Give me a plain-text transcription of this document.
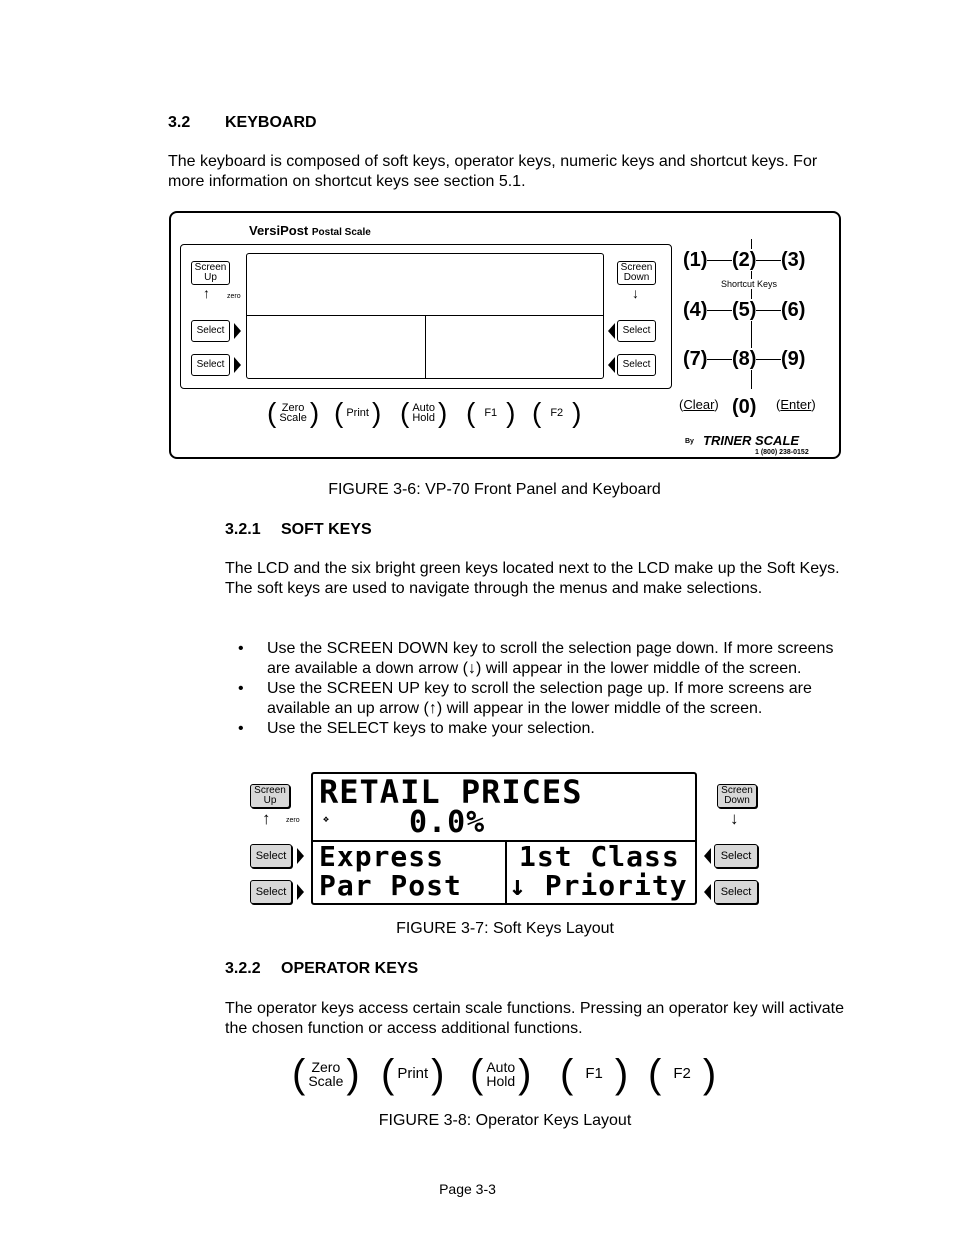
3.2 KEYBOARD
The keyboard is composed of soft keys, operator keys, numeric keys and shortcut keys. For more information on shortcut keys see section 5.1.
VersiPost Postal Scale
Screen
Up
↑ zero
Select
Select
Screen
Down
↓
Select
Select
( Zero
Scale ) ( Print ) ( Auto
Hold ) ( F1 ) ( F2 )
(1) (2) (3)
Shortcut Keys
(4) (5) (6)
(7) (8) (9)
(Clear) (0) (Enter)
By TRINER SCALE
1 (800) 238-0152
FIGURE 3-6: VP-70 Front Panel and Keyboard
3.2.1 SOFT KEYS
The LCD and the six bright green keys located next to the LCD make up the Soft Keys. The soft keys are used to navigate through the menus and make selections.
• Use the SCREEN DOWN key to scroll the selection page down. If more screens are available a down arrow (↓) will appear in the lower middle of the screen.
• Use the SCREEN UP key to scroll the selection page up. If more screens are available an up arrow (↑) will appear in the lower middle of the screen.
• Use the SELECT keys to make your selection.
Screen
Up
↑ zero
Select
Select
RETAIL PRICES
❖	0.0%
Express	1st Class
Par Post ↓ Priority
Screen
Down
↓
Select
Select
FIGURE 3-7: Soft Keys Layout
3.2.2 OPERATOR KEYS
The operator keys access certain scale functions. Pressing an operator key will activate the chosen function or access additional functions.
( Zero
Scale ) ( Print ) ( Auto
Hold ) ( F1 ) ( F2 )
FIGURE 3-8: Operator Keys Layout
Page 3-3
